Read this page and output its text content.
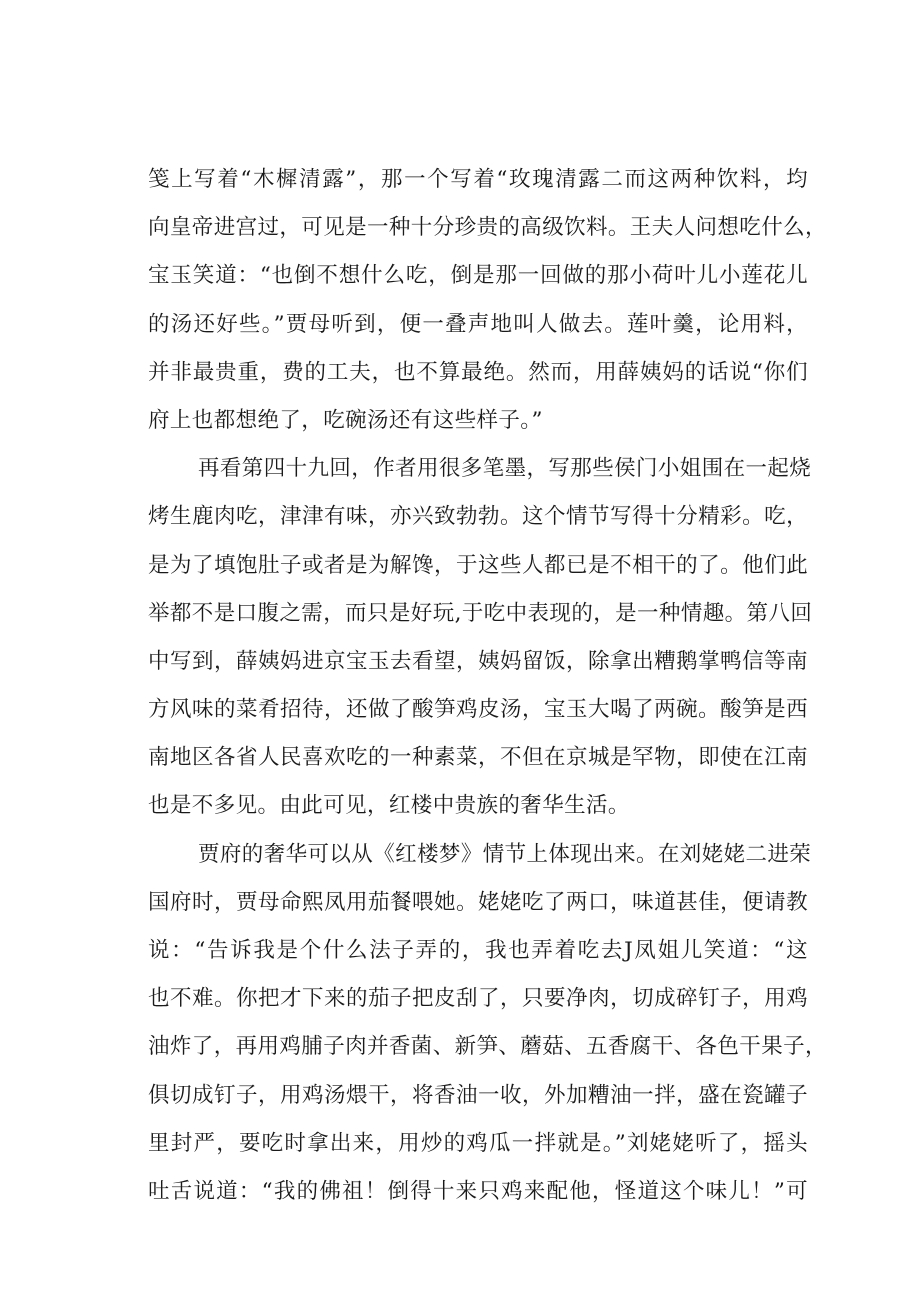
笺上写着“木樨清露”，那一个写着“玫瑰清露二而这两种饮料，均
向皇帝进宫过，可见是一种十分珍贵的高级饮料。王夫人问想吃什么，
宝玉笑道：“也倒不想什么吃，倒是那一回做的那小荷叶儿小莲花儿
的汤还好些。”贾母听到，便一叠声地叫人做去。莲叶羹，论用料，
并非最贵重，费的工夫，也不算最绝。然而，用薛姨妈的话说“你们
府上也都想绝了，吃碗汤还有这些样子。”
再看第四十九回，作者用很多笔墨，写那些侯门小姐围在一起烧
烤生鹿肉吃，津津有味，亦兴致勃勃。这个情节写得十分精彩。吃，
是为了填饱肚子或者是为解馋，于这些人都已是不相干的了。他们此
举都不是口腹之需，而只是好玩,于吃中表现的，是一种情趣。第八回
中写到，薛姨妈进京宝玉去看望，姨妈留饭，除拿出糟鹅掌鸭信等南
方风味的菜肴招待，还做了酸笋鸡皮汤，宝玉大喝了两碗。酸笋是西
南地区各省人民喜欢吃的一种素菜，不但在京城是罕物，即使在江南
也是不多见。由此可见，红楼中贵族的奢华生活。
贾府的奢华可以从《红楼梦》情节上体现出来。在刘姥姥二进荣
国府时，贾母命熙凤用茄餐喂她。姥姥吃了两口，味道甚佳，便请教
说：“告诉我是个什么法子弄的，我也弄着吃去J凤姐儿笑道：“这
也不难。你把才下来的茄子把皮刮了，只要净肉，切成碎钉子，用鸡
油炸了，再用鸡脯子肉并香菌、新笋、蘑菇、五香腐干、各色干果子，
俱切成钉子，用鸡汤煨干，将香油一收，外加糟油一拌，盛在瓷罐子
里封严，要吃时拿出来，用炒的鸡瓜一拌就是。”刘姥姥听了，摇头
吐舌说道：“我的佛祖！倒得十来只鸡来配他，怪道这个味儿！”可
